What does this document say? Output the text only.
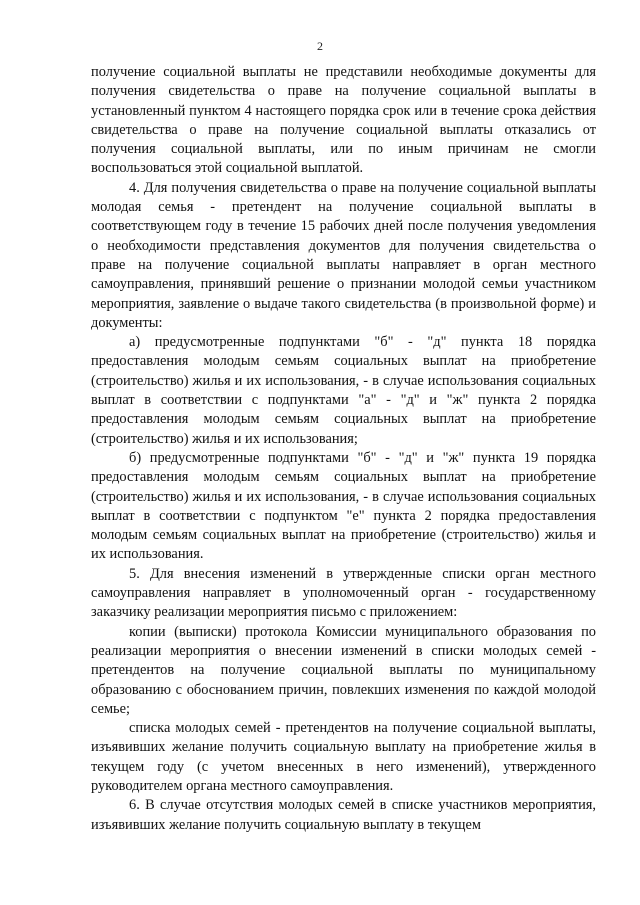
2

получение социальной выплаты не представили необходимые документы для получения свидетельства о праве на получение социальной выплаты в установленный пунктом 4 настоящего порядка срок или в течение срока действия свидетельства о праве на получение социальной выплаты отказались от получения социальной выплаты, или по иным причинам не смогли воспользоваться этой социальной выплатой.

4. Для получения свидетельства о праве на получение социальной выплаты молодая семья - претендент на получение социальной выплаты в соответствующем году в течение 15 рабочих дней после получения уведомления о необходимости представления документов для получения свидетельства о праве на получение социальной выплаты направляет в орган местного самоуправления, принявший решение о признании молодой семьи участником мероприятия, заявление о выдаче такого свидетельства (в произвольной форме) и документы:

а) предусмотренные подпунктами "б" - "д" пункта 18 порядка предоставления молодым семьям социальных выплат на приобретение (строительство) жилья и их использования, - в случае использования социальных выплат в соответствии с подпунктами "а" - "д" и "ж" пункта 2 порядка предоставления молодым семьям социальных выплат на приобретение (строительство) жилья и их использования;

б) предусмотренные подпунктами "б" - "д" и "ж" пункта 19 порядка предоставления молодым семьям социальных выплат на приобретение (строительство) жилья и их использования, - в случае использования социальных выплат в соответствии с подпунктом "е" пункта 2 порядка предоставления молодым семьям социальных выплат на приобретение (строительство) жилья и их использования.

5. Для внесения изменений в утвержденные списки орган местного самоуправления направляет в уполномоченный орган - государственному заказчику реализации мероприятия письмо с приложением:

копии (выписки) протокола Комиссии муниципального образования по реализации мероприятия о внесении изменений в списки молодых семей - претендентов на получение социальной выплаты по муниципальному образованию с обоснованием причин, повлекших изменения по каждой молодой семье;

списка молодых семей - претендентов на получение социальной выплаты, изъявивших желание получить социальную выплату на приобретение жилья в текущем году (с учетом внесенных в него изменений), утвержденного руководителем органа местного самоуправления.

6. В случае отсутствия молодых семей в списке участников мероприятия, изъявивших желание получить социальную выплату в текущем
